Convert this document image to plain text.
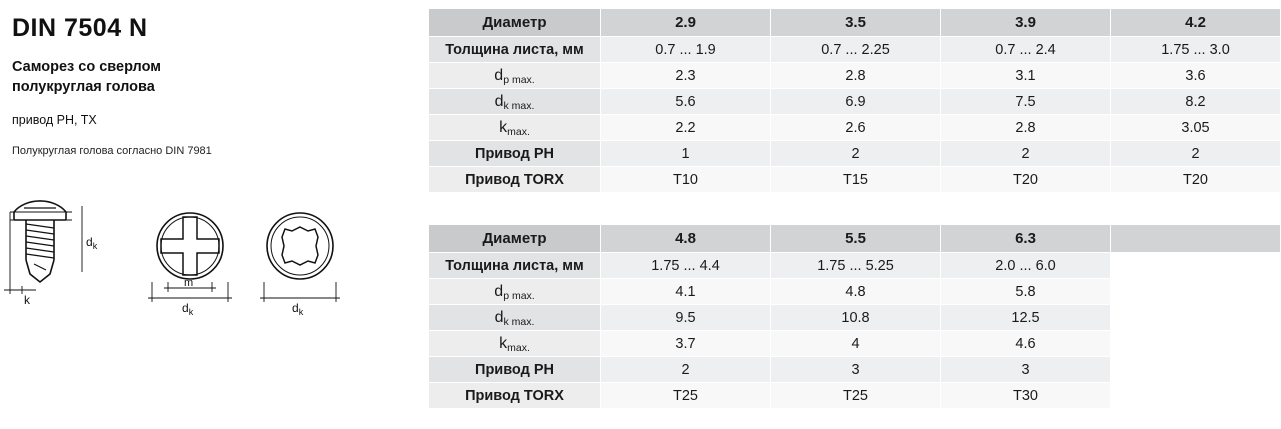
DIN 7504 N
Саморез со сверлом
полукруглая голова
привод PH, TX
Полукруглая голова согласно DIN 7981
k
$d_k$
m
$d_k$	$d_k$
Диаметр	2.9	3.5	3.9	4.2
Толщина листа, мм	0.7 ... 1.9	0.7 ... 2.25	0.7 ... 2.4	1.75 ... 3.0
$d_{p max.}$	2.3	2.8	3.1	3.6
$d_{k max.}$	5.6	6.9	7.5	8.2
$k_{max.}$	2.2	2.6	2.8	3.05
Привод PH	1	2	2	2
Привод TORX	T10	T15	T20	T20
Диаметр	4.8	5.5	6.3	
Толщина листа, мм	1.75 ... 4.4	1.75 ... 5.25	2.0 ... 6.0	
$d_{p max.}$	4.1	4.8	5.8	
$d_{k max.}$	9.5	10.8	12.5	
$k_{max.}$	3.7	4	4.6	
Привод PH	2	3	3	
Привод TORX	T25	T25	T30	
